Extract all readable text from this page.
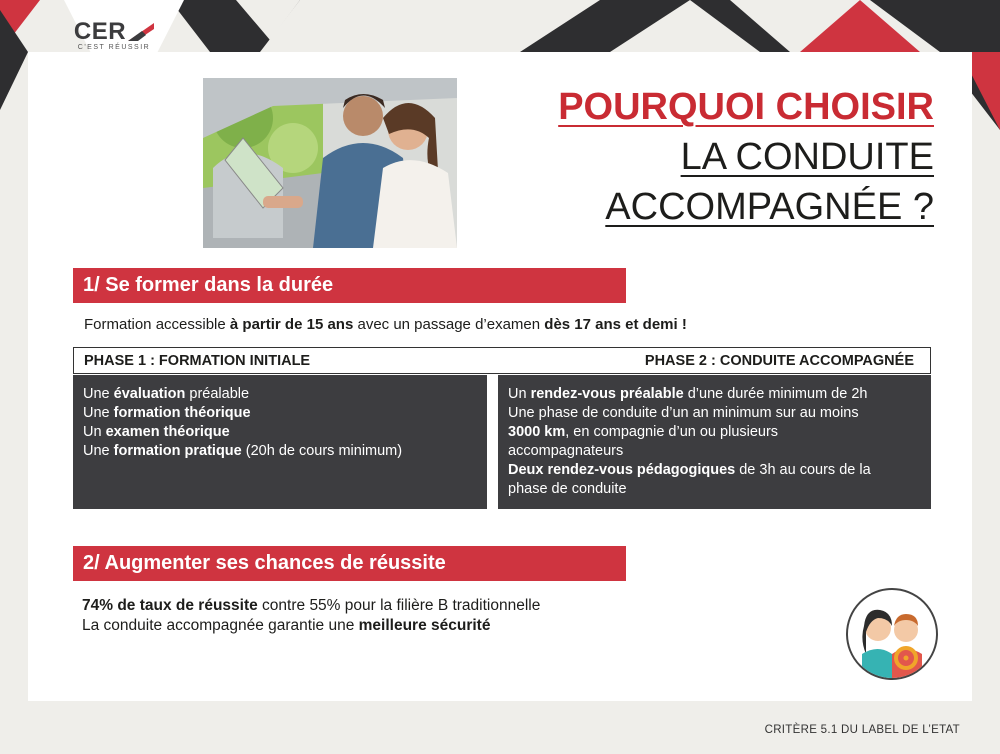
CER
C'EST RÉUSSIR
POURQUOI CHOISIR
LA CONDUITE
ACCOMPAGNÉE ?
1/ Se former dans la durée
Formation accessible à partir de 15 ans avec un passage d’examen dès 17 ans et demi !
PHASE 1 : FORMATION INITIALE	PHASE 2 : CONDUITE ACCOMPAGNÉE
Une évaluation préalable
Une formation théorique
Un examen théorique
Une formation pratique (20h de cours minimum)
Un rendez-vous préalable d’une durée minimum de 2h
Une phase de conduite d’un an minimum sur au moins
3000 km, en compagnie d’un ou plusieurs
accompagnateurs
Deux rendez-vous pédagogiques de 3h au cours de la
phase de conduite
2/ Augmenter ses chances de réussite
74% de taux de réussite contre 55% pour la filière B traditionnelle
La conduite accompagnée garantie une meilleure sécurité
CRITÈRE 5.1 DU LABEL DE L’ETAT
